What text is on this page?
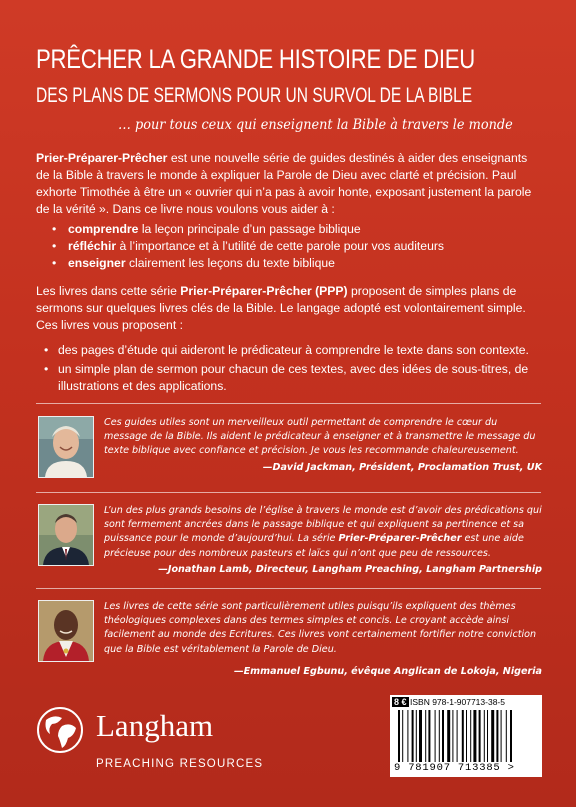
PRÊCHER LA GRANDE HISTOIRE DE DIEU
DES PLANS DE SERMONS POUR UN SURVOL DE LA BIBLE
… pour tous ceux qui enseignent la Bible à travers le monde
Prier-Préparer-Prêcher est une nouvelle série de guides destinés à aider des enseignants de la Bible à travers le monde à expliquer la Parole de Dieu avec clarté et précision. Paul exhorte Timothée à être un « ouvrier qui n’a pas à avoir honte, exposant justement la parole de la vérité ». Dans ce livre nous voulons vous aider à :
• comprendre la leçon principale d’un passage biblique
• réfléchir à l’importance et à l’utilité de cette parole pour vos auditeurs
• enseigner clairement les leçons du texte biblique
Les livres dans cette série Prier-Préparer-Prêcher (PPP) proposent de simples plans de sermons sur quelques livres clés de la Bible. Le langage adopté est volontairement simple. Ces livres vous proposent :
• des pages d’étude qui aideront le prédicateur à comprendre le texte dans son contexte.
• un simple plan de sermon pour chacun de ces textes, avec des idées de sous-titres, de illustrations et des applications.
Ces guides utiles sont un merveilleux outil permettant de comprendre le cœur du message de la Bible. Ils aident le prédicateur à enseigner et à transmettre le message du texte biblique avec confiance et précision. Je vous les recommande chaleureusement.
—David Jackman, Président, Proclamation Trust, UK
L’un des plus grands besoins de l’église à travers le monde est d’avoir des prédications qui sont fermement ancrées dans le passage biblique et qui expliquent sa pertinence et sa puissance pour le monde d’aujourd’hui. La série Prier-Préparer-Prêcher est une aide précieuse pour des nombreux pasteurs et laïcs qui n’ont que peu de ressources.
—Jonathan Lamb, Directeur, Langham Preaching, Langham Partnership
Les livres de cette série sont particulièrement utiles puisqu’ils expliquent des thèmes théologiques complexes dans des termes simples et concis. Le croyant accède ainsi facilement au monde des Ecritures. Ces livres vont certainement fortifier notre conviction que la Bible est véritablement la Parole de Dieu.
—Emmanuel Egbunu, évêque Anglican de Lokoja, Nigeria
Langham
PREACHING RESOURCES
8 € ISBN 978-1-907713-38-5
9 781907 713385 >
